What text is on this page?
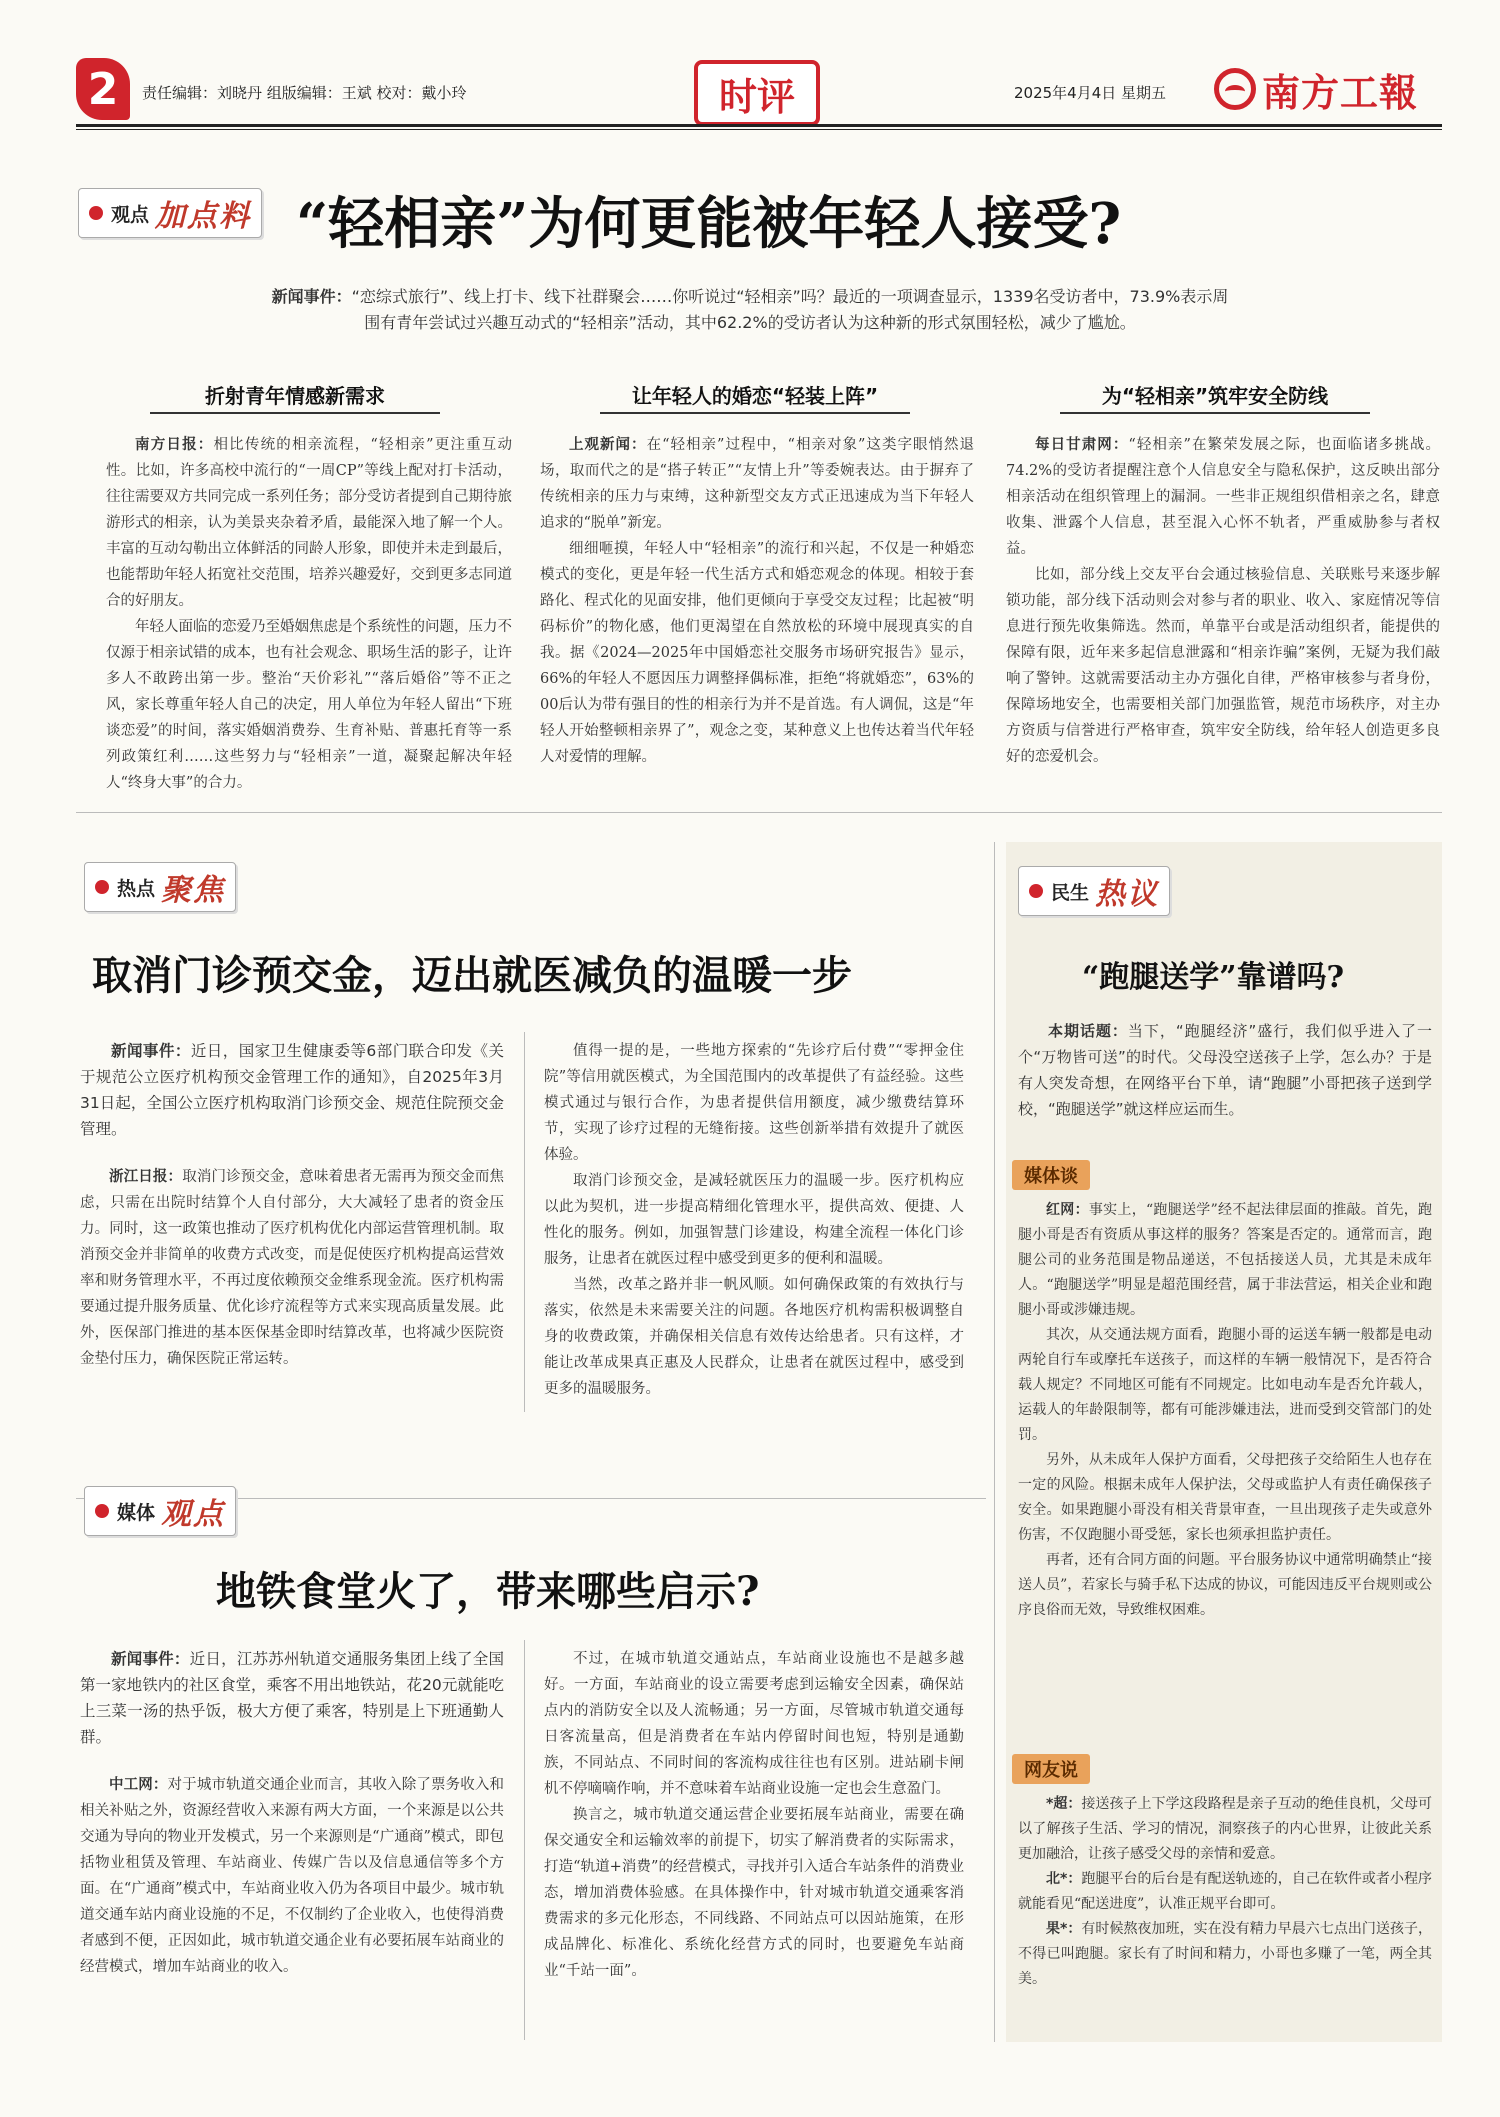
2	责任编辑：刘晓丹 组版编辑：王斌 校对：戴小玲	时评	2025年4月4日 星期五	南方工報
观点 加点料 “轻相亲”为何更能被年轻人接受?
新闻事件：“恋综式旅行”、线上打卡、线下社群聚会……你听说过“轻相亲”吗？最近的一项调查显示，1339名受访者中，73.9%表示周围有青年尝试过兴趣互动式的“轻相亲”活动，其中62.2%的受访者认为这种新的形式氛围轻松，减少了尴尬。
折射青年情感新需求	让年轻人的婚恋“轻装上阵”	为“轻相亲”筑牢安全防线

南方日报：相比传统的相亲流程，“轻相亲”更注重互动性。比如，许多高校中流行的“一周CP”等线上配对打卡活动，往往需要双方共同完成一系列任务；部分受访者提到自己期待旅游形式的相亲，认为美景夹杂着矛盾，最能深入地了解一个人。丰富的互动勾勒出立体鲜活的同龄人形象，即使并未走到最后，也能帮助年轻人拓宽社交范围，培养兴趣爱好，交到更多志同道合的好朋友。

年轻人面临的恋爱乃至婚姻焦虑是个系统性的问题，压力不仅源于相亲试错的成本，也有社会观念、职场生活的影子，让许多人不敢跨出第一步。整治“天价彩礼”“落后婚俗”等不正之风，家长尊重年轻人自己的决定，用人单位为年轻人留出“下班谈恋爱”的时间，落实婚姻消费券、生育补贴、普惠托育等一系列政策红利……这些努力与“轻相亲”一道，凝聚起解决年轻人“终身大事”的合力。

上观新闻：在“轻相亲”过程中，“相亲对象”这类字眼悄然退场，取而代之的是“搭子转正”“友情上升”等委婉表达。由于摒弃了传统相亲的压力与束缚，这种新型交友方式正迅速成为当下年轻人追求的“脱单”新宠。

细细咂摸，年轻人中“轻相亲”的流行和兴起，不仅是一种婚恋模式的变化，更是年轻一代生活方式和婚恋观念的体现。相较于套路化、程式化的见面安排，他们更倾向于享受交友过程；比起被“明码标价”的物化感，他们更渴望在自然放松的环境中展现真实的自我。据《2024—2025年中国婚恋社交服务市场研究报告》显示，66%的年轻人不愿因压力调整择偶标准，拒绝“将就婚恋”，63%的00后认为带有强目的性的相亲行为并不是首选。有人调侃，这是“年轻人开始整顿相亲界了”，观念之变，某种意义上也传达着当代年轻人对爱情的理解。

每日甘肃网：“轻相亲”在繁荣发展之际，也面临诸多挑战。74.2%的受访者提醒注意个人信息安全与隐私保护，这反映出部分相亲活动在组织管理上的漏洞。一些非正规组织借相亲之名，肆意收集、泄露个人信息，甚至混入心怀不轨者，严重威胁参与者权益。

比如，部分线上交友平台会通过核验信息、关联账号来逐步解锁功能，部分线下活动则会对参与者的职业、收入、家庭情况等信息进行预先收集筛选。然而，单靠平台或是活动组织者，能提供的保障有限，近年来多起信息泄露和“相亲诈骗”案例，无疑为我们敲响了警钟。这就需要活动主办方强化自律，严格审核参与者身份，保障场地安全，也需要相关部门加强监管，规范市场秩序，对主办方资质与信誉进行严格审查，筑牢安全防线，给年轻人创造更多良好的恋爱机会。

热点 聚焦
取消门诊预交金，迈出就医减负的温暖一步

新闻事件：近日，国家卫生健康委等6部门联合印发《关于规范公立医疗机构预交金管理工作的通知》，自2025年3月31日起，全国公立医疗机构取消门诊预交金、规范住院预交金管理。

浙江日报：取消门诊预交金，意味着患者无需再为预交金而焦虑，只需在出院时结算个人自付部分，大大减轻了患者的资金压力。同时，这一政策也推动了医疗机构优化内部运营管理机制。取消预交金并非简单的收费方式改变，而是促使医疗机构提高运营效率和财务管理水平，不再过度依赖预交金维系现金流。医疗机构需要通过提升服务质量、优化诊疗流程等方式来实现高质量发展。此外，医保部门推进的基本医保基金即时结算改革，也将减少医院资金垫付压力，确保医院正常运转。

值得一提的是，一些地方探索的“先诊疗后付费”“零押金住院”等信用就医模式，为全国范围内的改革提供了有益经验。这些模式通过与银行合作，为患者提供信用额度，减少缴费结算环节，实现了诊疗过程的无缝衔接。这些创新举措有效提升了就医体验。

取消门诊预交金，是减轻就医压力的温暖一步。医疗机构应以此为契机，进一步提高精细化管理水平，提供高效、便捷、人性化的服务。例如，加强智慧门诊建设，构建全流程一体化门诊服务，让患者在就医过程中感受到更多的便利和温暖。

当然，改革之路并非一帆风顺。如何确保政策的有效执行与落实，依然是未来需要关注的问题。各地医疗机构需积极调整自身的收费政策，并确保相关信息有效传达给患者。只有这样，才能让改革成果真正惠及人民群众，让患者在就医过程中，感受到更多的温暖服务。

媒体 观点
地铁食堂火了，带来哪些启示?

新闻事件：近日，江苏苏州轨道交通服务集团上线了全国第一家地铁内的社区食堂，乘客不用出地铁站，花20元就能吃上三菜一汤的热乎饭，极大方便了乘客，特别是上下班通勤人群。

中工网：对于城市轨道交通企业而言，其收入除了票务收入和相关补贴之外，资源经营收入来源有两大方面，一个来源是以公共交通为导向的物业开发模式，另一个来源则是“广通商”模式，即包括物业租赁及管理、车站商业、传媒广告以及信息通信等多个方面。在“广通商”模式中，车站商业收入仍为各项目中最少。城市轨道交通车站内商业设施的不足，不仅制约了企业收入，也使得消费者感到不便，正因如此，城市轨道交通企业有必要拓展车站商业的经营模式，增加车站商业的收入。

不过，在城市轨道交通站点，车站商业设施也不是越多越好。一方面，车站商业的设立需要考虑到运输安全因素，确保站点内的消防安全以及人流畅通；另一方面，尽管城市轨道交通每日客流量高，但是消费者在车站内停留时间也短，特别是通勤族，不同站点、不同时间的客流构成往往也有区别。进站刷卡闸机不停嘀嘀作响，并不意味着车站商业设施一定也会生意盈门。

换言之，城市轨道交通运营企业要拓展车站商业，需要在确保交通安全和运输效率的前提下，切实了解消费者的实际需求，打造“轨道+消费”的经营模式，寻找并引入适合车站条件的消费业态，增加消费体验感。在具体操作中，针对城市轨道交通乘客消费需求的多元化形态，不同线路、不同站点可以因站施策，在形成品牌化、标准化、系统化经营方式的同时，也要避免车站商业“千站一面”。

民生 热议
“跑腿送学”靠谱吗?

本期话题：当下，“跑腿经济”盛行，我们似乎进入了一个“万物皆可送”的时代。父母没空送孩子上学，怎么办？于是有人突发奇想，在网络平台下单，请“跑腿”小哥把孩子送到学校，“跑腿送学”就这样应运而生。

媒体谈

红网：事实上，“跑腿送学”经不起法律层面的推敲。首先，跑腿小哥是否有资质从事这样的服务？答案是否定的。通常而言，跑腿公司的业务范围是物品递送，不包括接送人员，尤其是未成年人。“跑腿送学”明显是超范围经营，属于非法营运，相关企业和跑腿小哥或涉嫌违规。

其次，从交通法规方面看，跑腿小哥的运送车辆一般都是电动两轮自行车或摩托车送孩子，而这样的车辆一般情况下，是否符合载人规定？不同地区可能有不同规定。比如电动车是否允许载人，运载人的年龄限制等，都有可能涉嫌违法，进而受到交管部门的处罚。

另外，从未成年人保护方面看，父母把孩子交给陌生人也存在一定的风险。根据未成年人保护法，父母或监护人有责任确保孩子安全。如果跑腿小哥没有相关背景审查，一旦出现孩子走失或意外伤害，不仅跑腿小哥受惩，家长也须承担监护责任。

再者，还有合同方面的问题。平台服务协议中通常明确禁止“接送人员”，若家长与骑手私下达成的协议，可能因违反平台规则或公序良俗而无效，导致维权困难。

网友说

*超：接送孩子上下学这段路程是亲子互动的绝佳良机，父母可以了解孩子生活、学习的情况，洞察孩子的内心世界，让彼此关系更加融洽，让孩子感受父母的亲情和爱意。

北*：跑腿平台的后台是有配送轨迹的，自己在软件或者小程序就能看见“配送进度”，认准正规平台即可。

果*：有时候熬夜加班，实在没有精力早晨六七点出门送孩子，不得已叫跑腿。家长有了时间和精力，小哥也多赚了一笔，两全其美。
